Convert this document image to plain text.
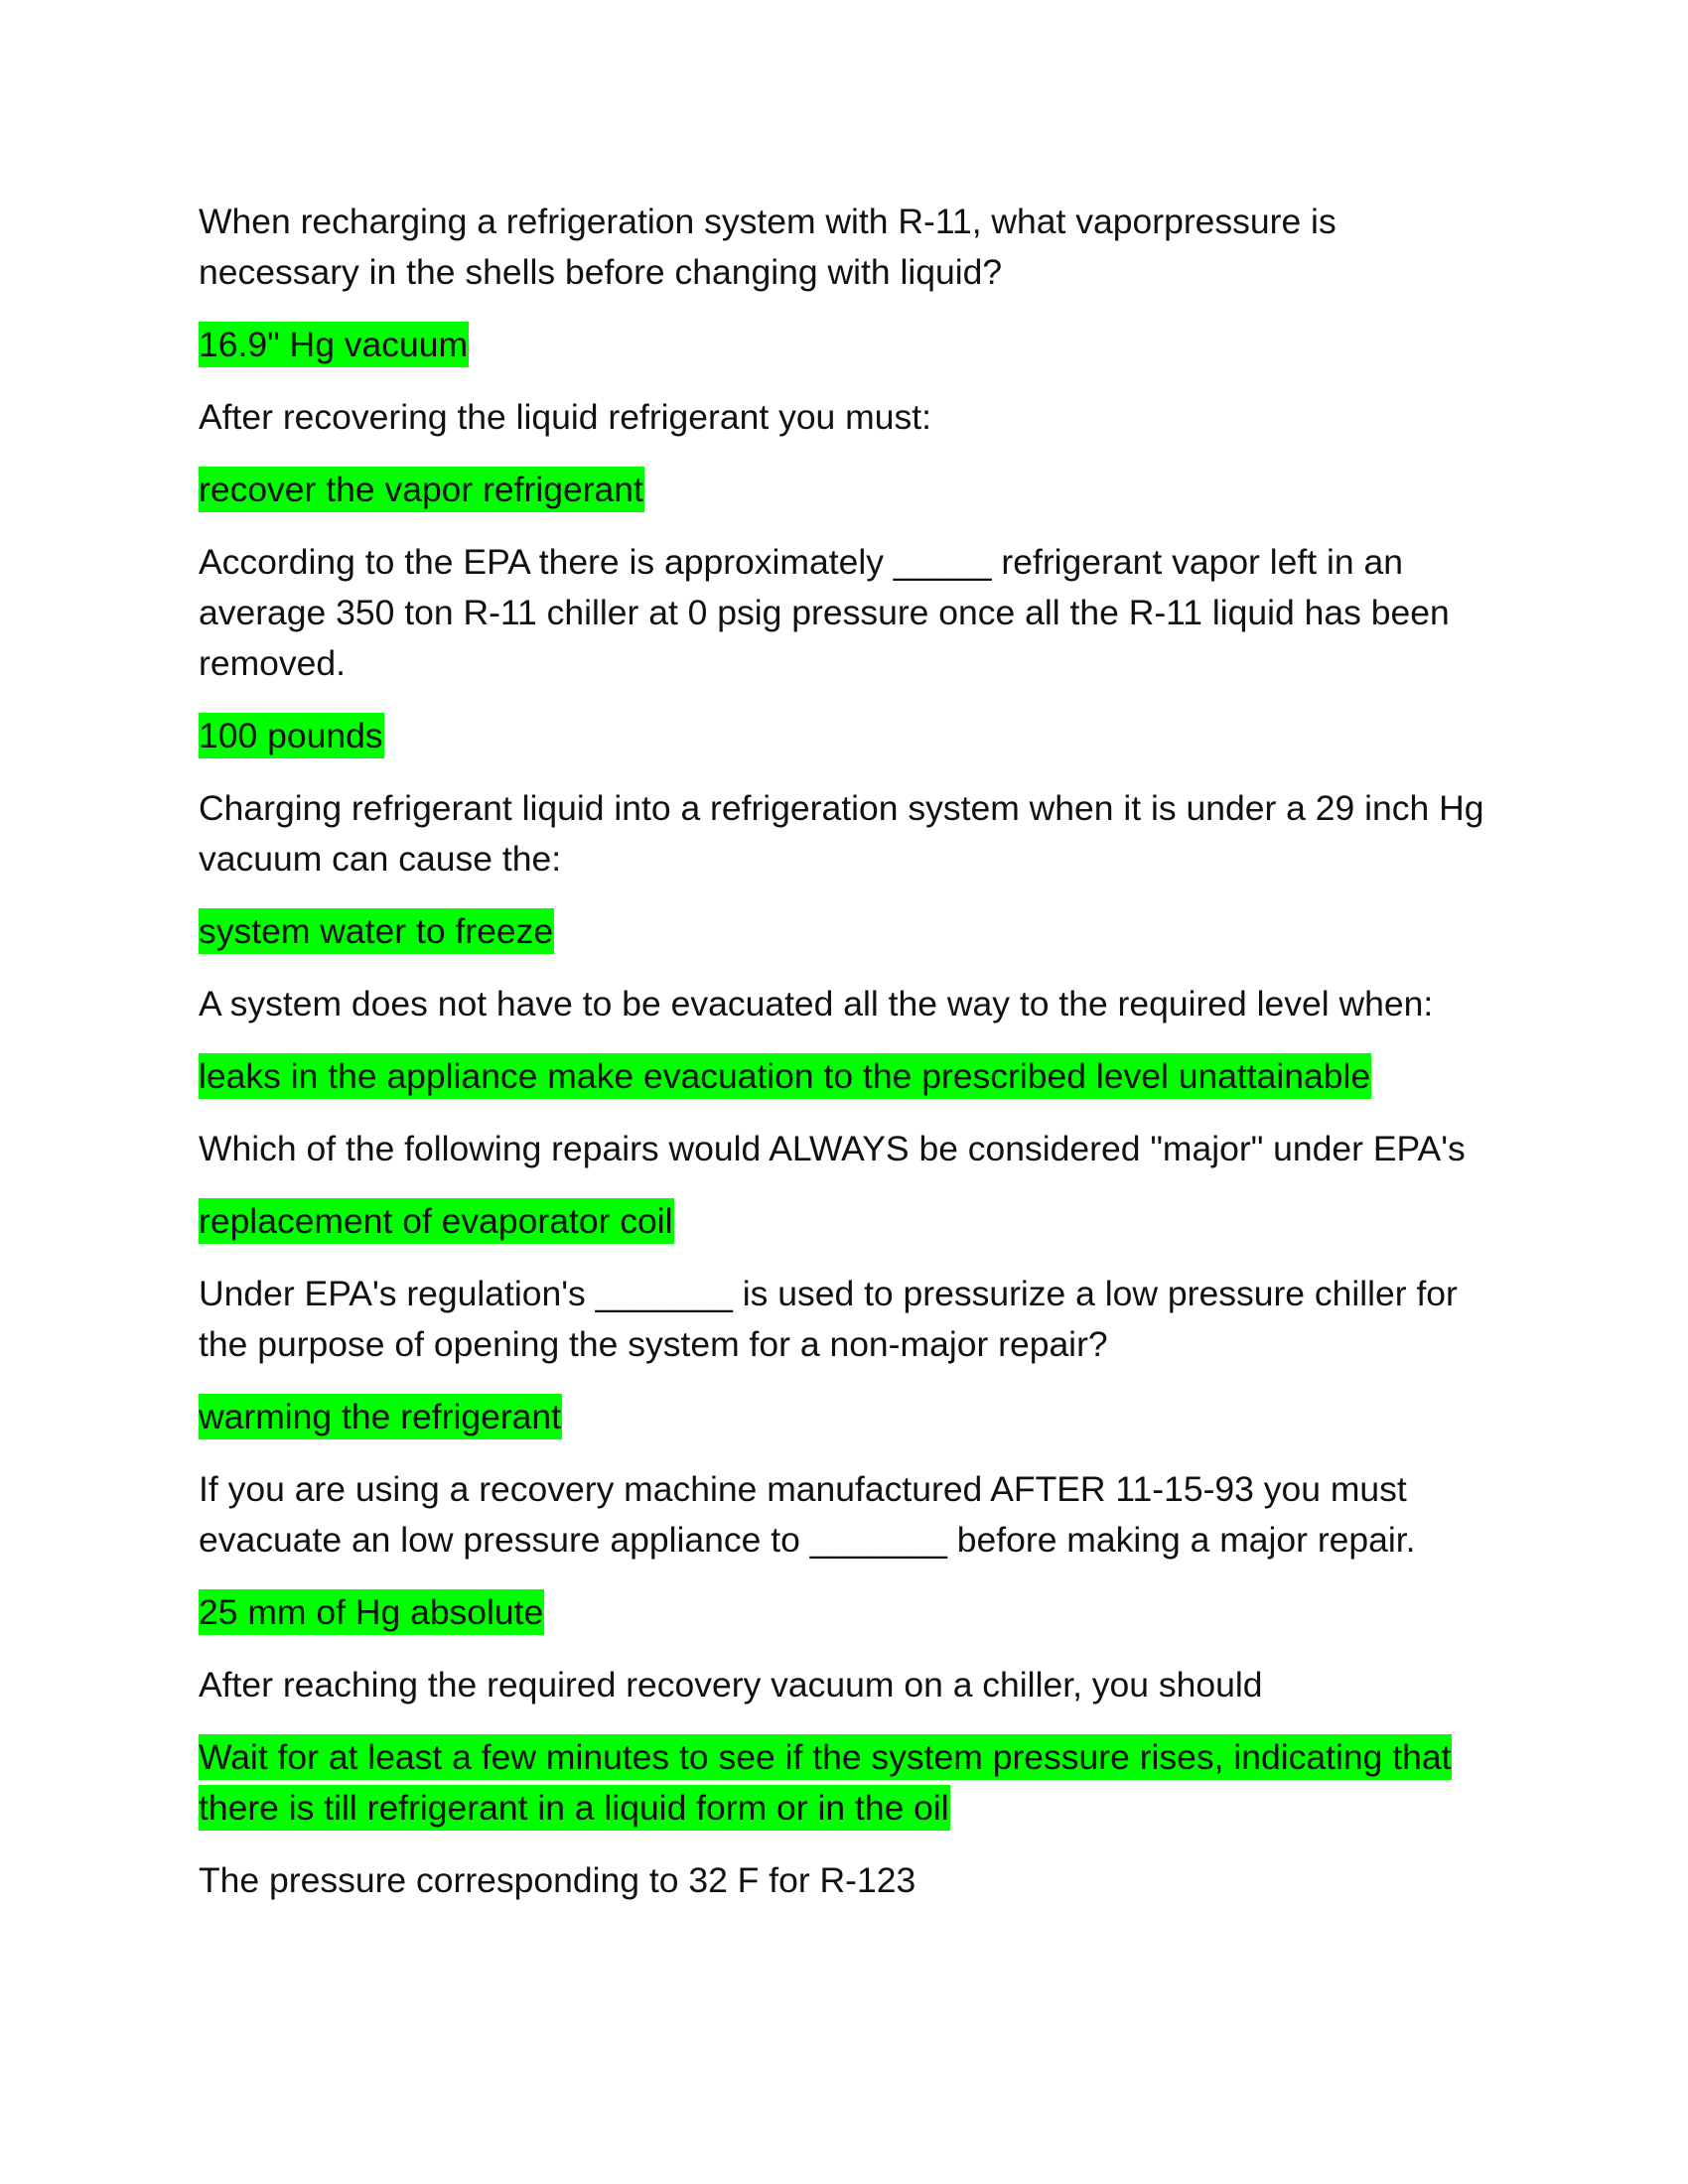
When recharging a refrigeration system with R-11, what vaporpressure is necessary in the shells before changing with liquid?

16.9" Hg vacuum

After recovering the liquid refrigerant you must:

recover the vapor refrigerant

According to the EPA there is approximately _____ refrigerant vapor left in an average 350 ton R-11 chiller at 0 psig pressure once all the R-11 liquid has been removed.

100 pounds

Charging refrigerant liquid into a refrigeration system when it is under a 29 inch Hg vacuum can cause the:

system water to freeze

A system does not have to be evacuated all the way to the required level when:

leaks in the appliance make evacuation to the prescribed level unattainable

Which of the following repairs would ALWAYS be considered "major" under EPA's

replacement of evaporator coil

Under EPA's regulation's _______ is used to pressurize a low pressure chiller for the purpose of opening the system for a non-major repair?

warming the refrigerant

If you are using a recovery machine manufactured AFTER 11-15-93 you must evacuate an low pressure appliance to _______ before making a major repair.

25 mm of Hg absolute

After reaching the required recovery vacuum on a chiller, you should

Wait for at least a few minutes to see if the system pressure rises, indicating that there is till refrigerant in a liquid form or in the oil

The pressure corresponding to 32 F for R-123
